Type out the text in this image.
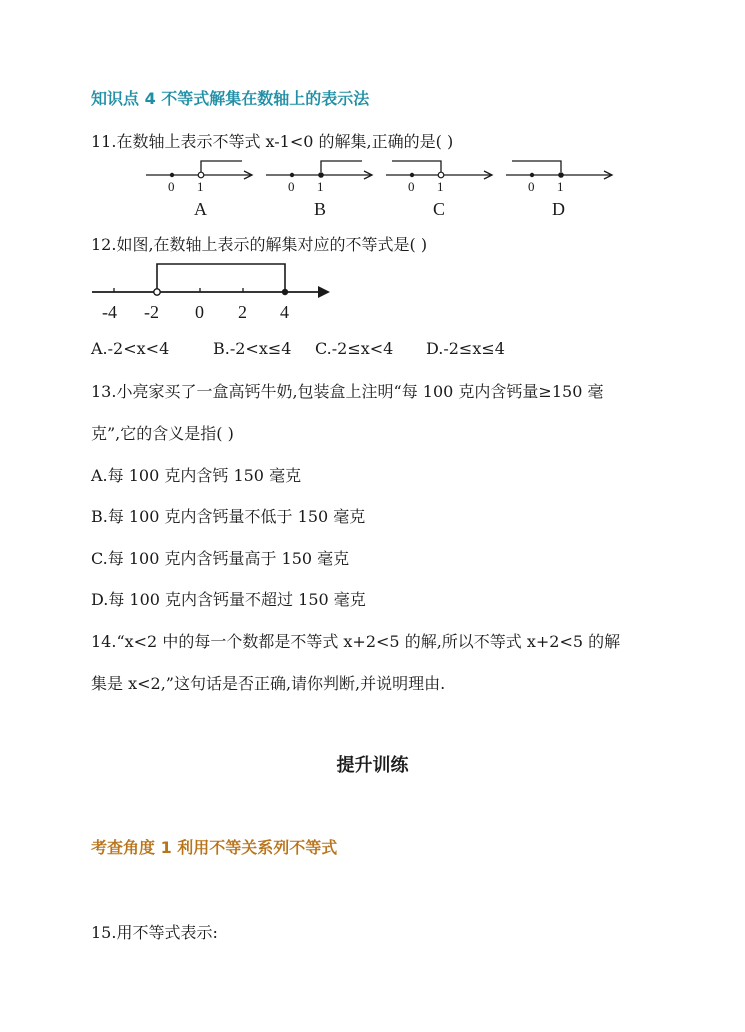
知识点 4 不等式解集在数轴上的表示法
11.在数轴上表示不等式 x-1<0 的解集,正确的是( )
0 1
A
0 1
B
0 1
C
0 1
D
12.如图,在数轴上表示的解集对应的不等式是( )
-4 -2 0 2 4
A.-2<x<4	B.-2<x≤4 C.-2≤x<4 D.-2≤x≤4
13.小亮家买了一盒高钙牛奶,包装盒上注明“每 100 克内含钙量≥150 毫
克”,它的含义是指( )
A.每 100 克内含钙 150 毫克
B.每 100 克内含钙量不低于 150 毫克
C.每 100 克内含钙量高于 150 毫克
D.每 100 克内含钙量不超过 150 毫克
14.“x<2 中的每一个数都是不等式 x+2<5 的解,所以不等式 x+2<5 的解
集是 x<2,”这句话是否正确,请你判断,并说明理由.
提升训练
考查角度 1 利用不等关系列不等式
15.用不等式表示:
